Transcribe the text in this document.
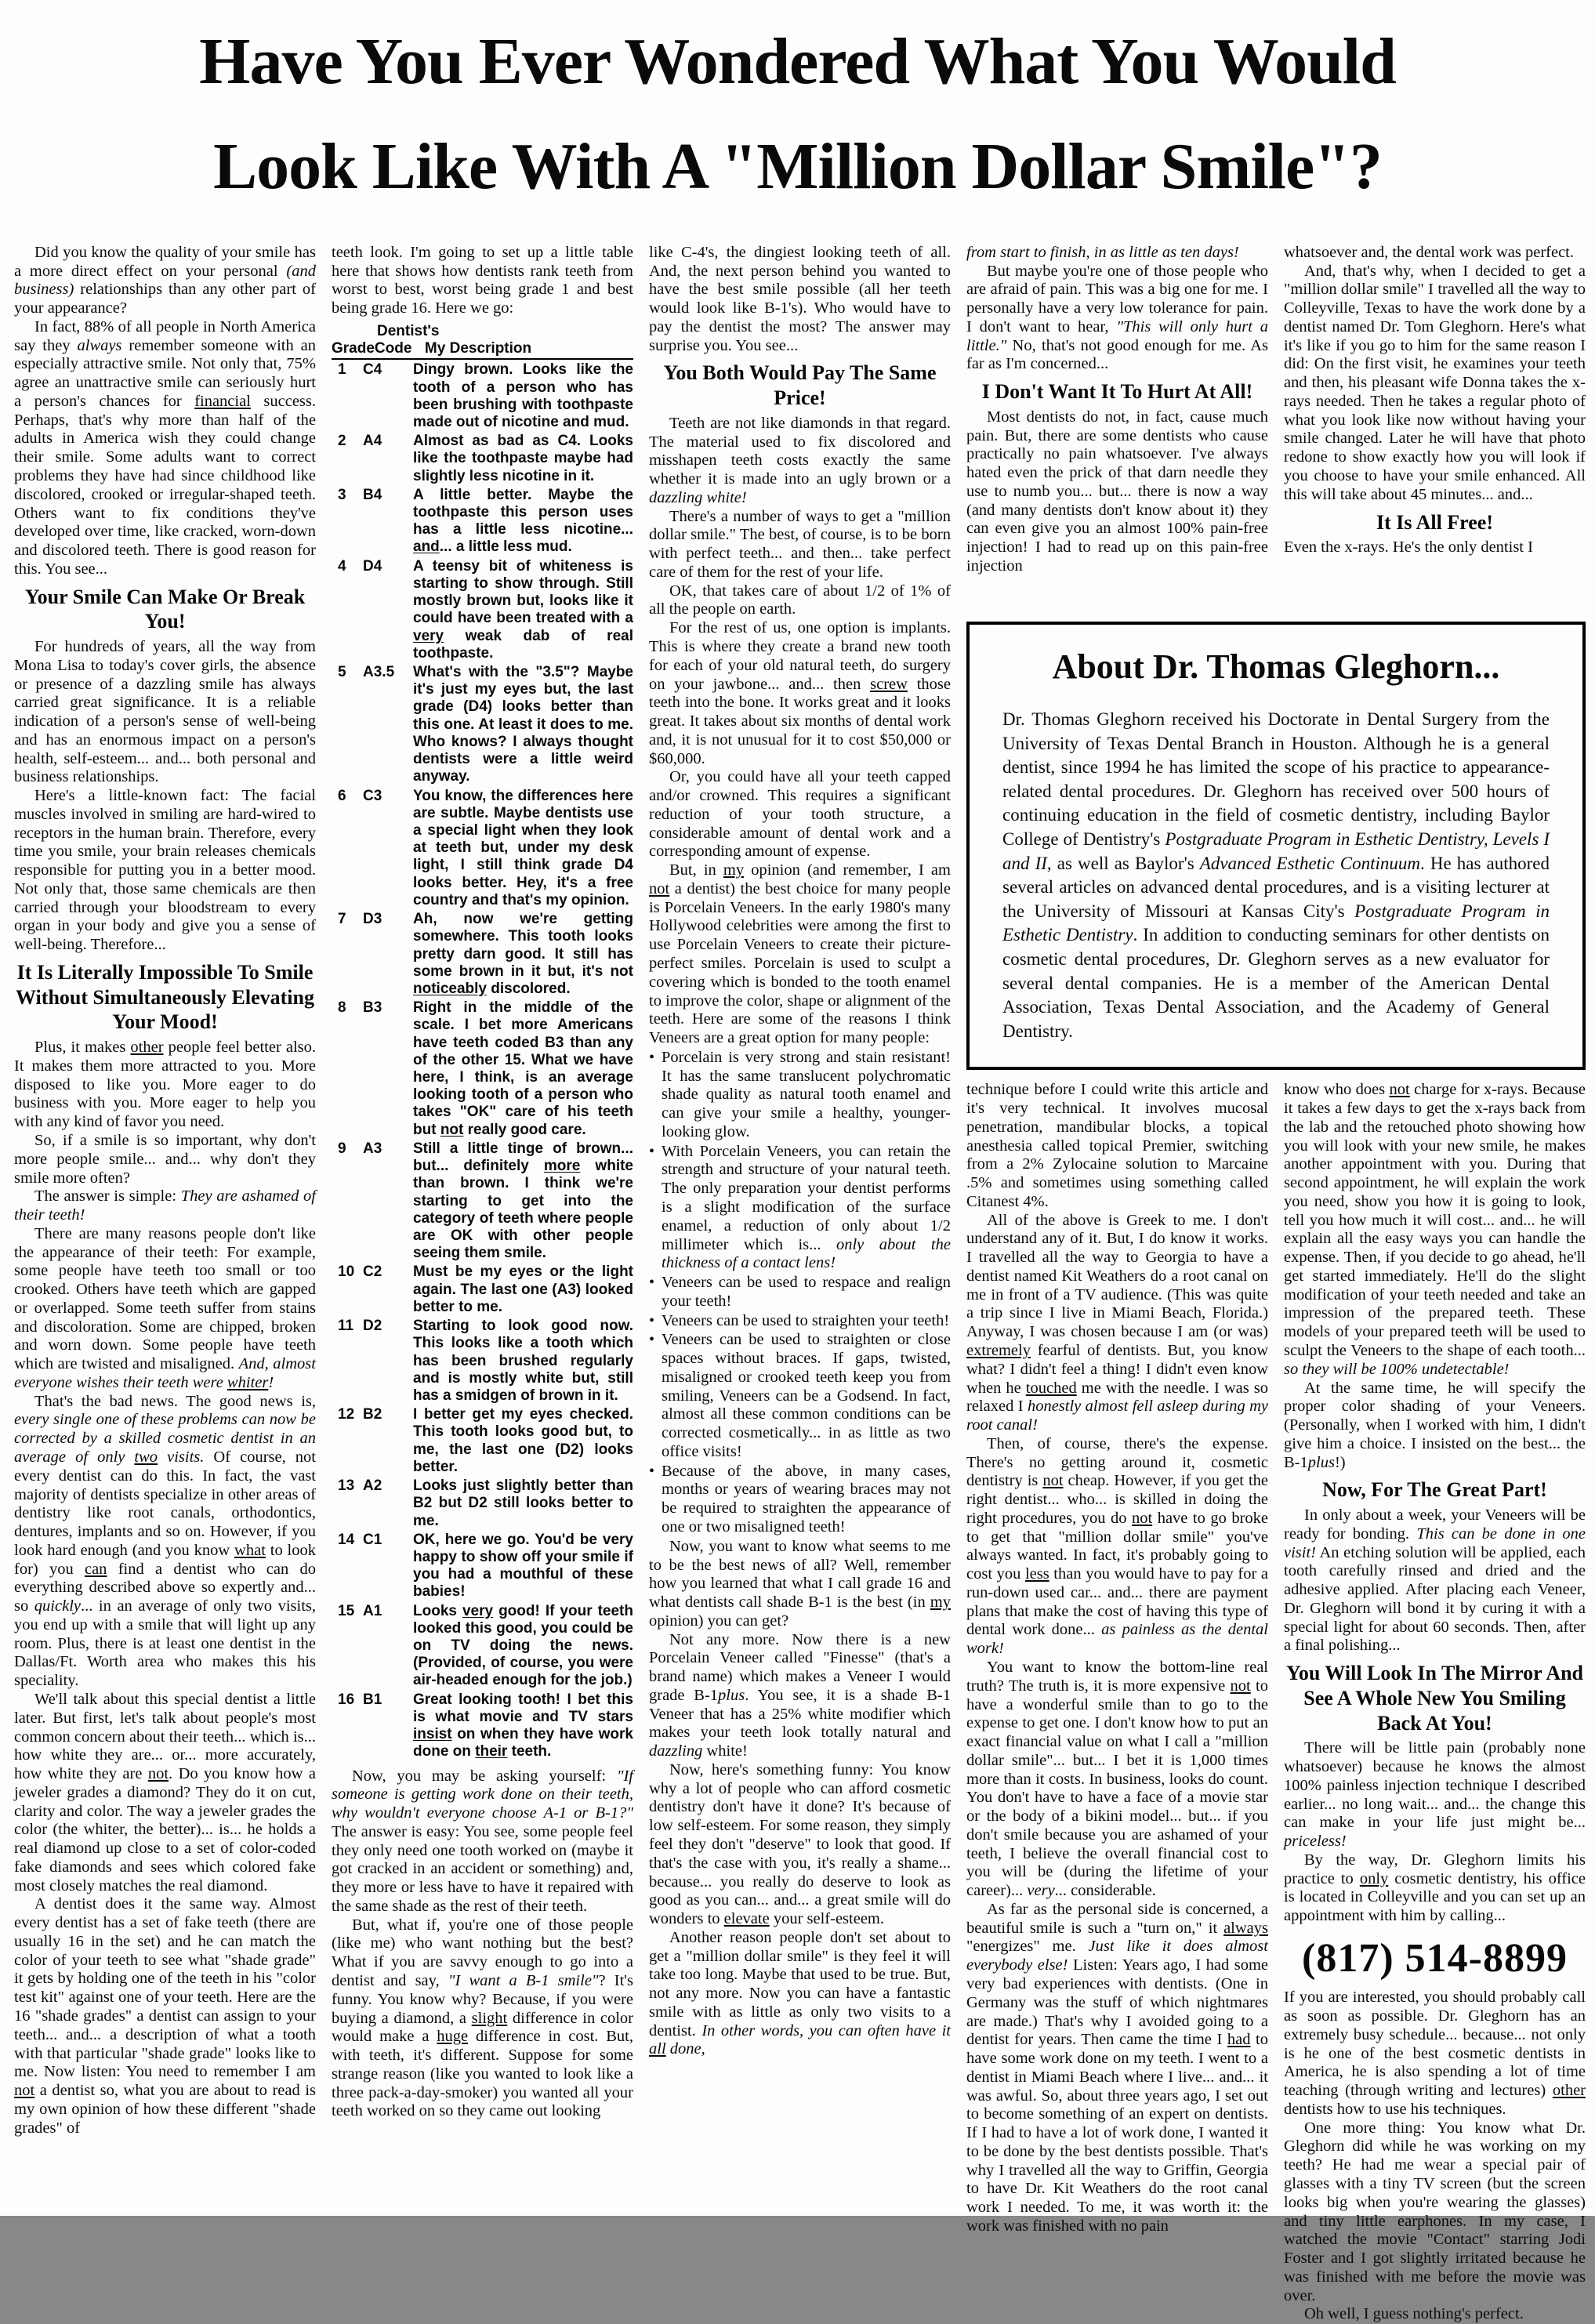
Have You Ever Wondered What You Would
Look Like With A "Million Dollar Smile"?

Did you know the quality of your smile has a more direct effect on your personal (and business) relationships than any other part of your appearance?

In fact, 88% of all people in North America say they always remember someone with an especially attractive smile. Not only that, 75% agree an unattractive smile can seriously hurt a person's chances for financial success. Perhaps, that's why more than half of the adults in America wish they could change their smile. Some adults want to correct problems they have had since childhood like discolored, crooked or irregular-shaped teeth. Others want to fix conditions they've developed over time, like cracked, worn-down and discolored teeth. There is good reason for this. You see...

Your Smile Can Make Or Break You!

For hundreds of years, all the way from Mona Lisa to today's cover girls, the absence or presence of a dazzling smile has always carried great significance. It is a reliable indication of a person's sense of well-being and has an enormous impact on a person's health, self-esteem... and... both personal and business relationships.

Here's a little-known fact: The facial muscles involved in smiling are hard-wired to receptors in the human brain. Therefore, every time you smile, your brain releases chemicals responsible for putting you in a better mood. Not only that, those same chemicals are then carried through your bloodstream to every organ in your body and give you a sense of well-being. Therefore...

It Is Literally Impossible To Smile Without Simultaneously Elevating Your Mood!

Plus, it makes other people feel better also. It makes them more attracted to you. More disposed to like you. More eager to do business with you. More eager to help you with any kind of favor you need.

So, if a smile is so important, why don't more people smile... and... why don't they smile more often?

The answer is simple: They are ashamed of their teeth!

There are many reasons people don't like the appearance of their teeth: For example, some people have teeth too small or too crooked. Others have teeth which are gapped or overlapped. Some teeth suffer from stains and discoloration. Some are chipped, broken and worn down. Some people have teeth which are twisted and misaligned. And, almost everyone wishes their teeth were whiter!

That's the bad news. The good news is, every single one of these problems can now be corrected by a skilled cosmetic dentist in an average of only two visits. Of course, not every dentist can do this. In fact, the vast majority of dentists specialize in other areas of dentistry like root canals, orthodontics, dentures, implants and so on. However, if you look hard enough (and you know what to look for) you can find a dentist who can do everything described above so expertly and... so quickly... in an average of only two visits, you end up with a smile that will light up any room. Plus, there is at least one dentist in the Dallas/Ft. Worth area who makes this his speciality.

We'll talk about this special dentist a little later. But first, let's talk about people's most common concern about their teeth... which is... how white they are... or... more accurately, how white they are not. Do you know how a jeweler grades a diamond? They do it on cut, clarity and color. The way a jeweler grades the color (the whiter, the better)... is... he holds a real diamond up close to a set of color-coded fake diamonds and sees which colored fake most closely matches the real diamond.

A dentist does it the same way. Almost every dentist has a set of fake teeth (there are usually 16 in the set) and he can match the color of your teeth to see what "shade grade" it gets by holding one of the teeth in his "color test kit" against one of your teeth. Here are the 16 "shade grades" a dentist can assign to your teeth... and... a description of what a tooth with that particular "shade grade" looks like to me. Now listen: You need to remember I am not a dentist so, what you are about to read is my own opinion of how these different "shade grades" of

teeth look. I'm going to set up a little table here that shows how dentists rank teeth from worst to best, worst being grade 1 and best being grade 16. Here we go:

Dentist's
Grade Code My Description
1	C4	Dingy brown. Looks like the tooth of a person who has been brushing with toothpaste made out of nicotine and mud.
2	A4	Almost as bad as C4. Looks like the toothpaste maybe had slightly less nicotine in it.
3	B4	A little better. Maybe the toothpaste this person uses has a little less nicotine... and... a little less mud.
4	D4	A teensy bit of whiteness is starting to show through. Still mostly brown but, looks like it could have been treated with a very weak dab of real toothpaste.
5	A3.5	What's with the "3.5"? Maybe it's just my eyes but, the last grade (D4) looks better than this one. At least it does to me. Who knows? I always thought dentists were a little weird anyway.
6	C3	You know, the differences here are subtle. Maybe dentists use a special light when they look at teeth but, under my desk light, I still think grade D4 looks better. Hey, it's a free country and that's my opinion.
7	D3	Ah, now we're getting somewhere. This tooth looks pretty darn good. It still has some brown in it but, it's not noticeably discolored.
8	B3	Right in the middle of the scale. I bet more Americans have teeth coded B3 than any of the other 15. What we have here, I think, is an average looking tooth of a person who takes "OK" care of his teeth but not really good care.
9	A3	Still a little tinge of brown... but... definitely more white than brown. I think we're starting to get into the category of teeth where people are OK with other people seeing them smile.
10 C2	Must be my eyes or the light again. The last one (A3) looked better to me.
11 D2	Starting to look good now. This looks like a tooth which has been brushed regularly and is mostly white but, still has a smidgen of brown in it.
12 B2	I better get my eyes checked. This tooth looks good but, to me, the last one (D2) looks better.
13 A2	Looks just slightly better than B2 but D2 still looks better to me.
14 C1	OK, here we go. You'd be very happy to show off your smile if you had a mouthful of these babies!
15 A1	Looks very good! If your teeth looked this good, you could be on TV doing the news. (Provided, of course, you were air-headed enough for the job.)
16 B1	Great looking tooth! I bet this is what movie and TV stars insist on when they have work done on their teeth.

Now, you may be asking yourself: "If someone is getting work done on their teeth, why wouldn't everyone choose A-1 or B-1?" The answer is easy: You see, some people feel they only need one tooth worked on (maybe it got cracked in an accident or something) and, they more or less have to have it repaired with the same shade as the rest of their teeth.

But, what if, you're one of those people (like me) who want nothing but the best? What if you are savvy enough to go into a dentist and say, "I want a B-1 smile"? It's funny. You know why? Because, if you were buying a diamond, a slight difference in color would make a huge difference in cost. But, with teeth, it's different. Suppose for some strange reason (like you wanted to look like a three pack-a-day-smoker) you wanted all your teeth worked on so they came out looking

like C-4's, the dingiest looking teeth of all. And, the next person behind you wanted to have the best smile possible (all her teeth would look like B-1's). Who would have to pay the dentist the most? The answer may surprise you. You see...

You Both Would Pay The Same Price!

Teeth are not like diamonds in that regard. The material used to fix discolored and misshapen teeth costs exactly the same whether it is made into an ugly brown or a dazzling white!

There's a number of ways to get a "million dollar smile." The best, of course, is to be born with perfect teeth... and then... take perfect care of them for the rest of your life.

OK, that takes care of about 1/2 of 1% of all the people on earth.

For the rest of us, one option is implants. This is where they create a brand new tooth for each of your old natural teeth, do surgery on your jawbone... and... then screw those teeth into the bone. It works great and it looks great. It takes about six months of dental work and, it is not unusual for it to cost $50,000 or $60,000.

Or, you could have all your teeth capped and/or crowned. This requires a significant reduction of your tooth structure, a considerable amount of dental work and a corresponding amount of expense.

But, in my opinion (and remember, I am not a dentist) the best choice for many people is Porcelain Veneers. In the early 1980's many Hollywood celebrities were among the first to use Porcelain Veneers to create their picture-perfect smiles. Porcelain is used to sculpt a covering which is bonded to the tooth enamel to improve the color, shape or alignment of the teeth. Here are some of the reasons I think Veneers are a great option for many people:

• Porcelain is very strong and stain resistant! It has the same translucent polychromatic shade quality as natural tooth enamel and can give your smile a healthy, younger-looking glow.
• With Porcelain Veneers, you can retain the strength and structure of your natural teeth. The only preparation your dentist performs is a slight modification of the surface enamel, a reduction of only about 1/2 millimeter which is... only about the thickness of a contact lens!
• Veneers can be used to respace and realign your teeth!
• Veneers can be used to straighten your teeth!
• Veneers can be used to straighten or close spaces without braces. If gaps, twisted, misaligned or crooked teeth keep you from smiling, Veneers can be a Godsend. In fact, almost all these common conditions can be corrected cosmetically... in as little as two office visits!
• Because of the above, in many cases, months or years of wearing braces may not be required to straighten the appearance of one or two misaligned teeth!

Now, you want to know what seems to me to be the best news of all? Well, remember how you learned that what I call grade 16 and what dentists call shade B-1 is the best (in my opinion) you can get?

Not any more. Now there is a new Porcelain Veneer called "Finesse" (that's a brand name) which makes a Veneer I would grade B-1plus. You see, it is a shade B-1 Veneer that has a 25% white modifier which makes your teeth look totally natural and dazzling white!

Now, here's something funny: You know why a lot of people who can afford cosmetic dentistry don't have it done? It's because of low self-esteem. For some reason, they simply feel they don't "deserve" to look that good. If that's the case with you, it's really a shame... because... you really do deserve to look as good as you can... and... a great smile will do wonders to elevate your self-esteem.

Another reason people don't set about to get a "million dollar smile" is they feel it will take too long. Maybe that used to be true. But, not any more. Now you can have a fantastic smile with as little as only two visits to a dentist. In other words, you can often have it all done,

from start to finish, in as little as ten days!

But maybe you're one of those people who are afraid of pain. This was a big one for me. I personally have a very low tolerance for pain. I don't want to hear, "This will only hurt a little." No, that's not good enough for me. As far as I'm concerned...

I Don't Want It To Hurt At All!

Most dentists do not, in fact, cause much pain. But, there are some dentists who cause practically no pain whatsoever. I've always hated even the prick of that darn needle they use to numb you... but... there is now a way (and many dentists don't know about it) they can even give you an almost 100% pain-free injection! I had to read up on this pain-free injection

whatsoever and, the dental work was perfect.

And, that's why, when I decided to get a "million dollar smile" I travelled all the way to Colleyville, Texas to have the work done by a dentist named Dr. Tom Gleghorn. Here's what it's like if you go to him for the same reason I did: On the first visit, he examines your teeth and then, his pleasant wife Donna takes the x-rays needed. Then he takes a regular photo of what you look like now without having your smile changed. Later he will have that photo redone to show exactly how you will look if you choose to have your smile enhanced. All this will take about 45 minutes... and...

It Is All Free!

Even the x-rays. He's the only dentist I

About Dr. Thomas Gleghorn...

Dr. Thomas Gleghorn received his Doctorate in Dental Surgery from the University of Texas Dental Branch in Houston. Although he is a general dentist, since 1994 he has limited the scope of his practice to appearance-related dental procedures. Dr. Gleghorn has received over 500 hours of continuing education in the field of cosmetic dentistry, including Baylor College of Dentistry's Postgraduate Program in Esthetic Dentistry, Levels I and II, as well as Baylor's Advanced Esthetic Continuum. He has authored several articles on advanced dental procedures, and is a visiting lecturer at the University of Missouri at Kansas City's Postgraduate Program in Esthetic Dentistry. In addition to conducting seminars for other dentists on cosmetic dental procedures, Dr. Gleghorn serves as a new evaluator for several dental companies. He is a member of the American Dental Association, Texas Dental Association, and the Academy of General Dentistry.

technique before I could write this article and it's very technical. It involves mucosal penetration, mandibular blocks, a topical anesthesia called topical Premier, switching from a 2% Zylocaine solution to Marcaine .5% and sometimes using something called Citanest 4%.

All of the above is Greek to me. I don't understand any of it. But, I do know it works. I travelled all the way to Georgia to have a dentist named Kit Weathers do a root canal on me in front of a TV audience. (This was quite a trip since I live in Miami Beach, Florida.) Anyway, I was chosen because I am (or was) extremely fearful of dentists. But, you know what? I didn't feel a thing! I didn't even know when he touched me with the needle. I was so relaxed I honestly almost fell asleep during my root canal!

Then, of course, there's the expense. There's no getting around it, cosmetic dentistry is not cheap. However, if you get the right dentist... who... is skilled in doing the right procedures, you do not have to go broke to get that "million dollar smile" you've always wanted. In fact, it's probably going to cost you less than you would have to pay for a run-down used car... and... there are payment plans that make the cost of having this type of dental work done... as painless as the dental work!

You want to know the bottom-line real truth? The truth is, it is more expensive not to have a wonderful smile than to go to the expense to get one. I don't know how to put an exact financial value on what I call a "million dollar smile"... but... I bet it is 1,000 times more than it costs. In business, looks do count. You don't have to have a face of a movie star or the body of a bikini model... but... if you don't smile because you are ashamed of your teeth, I believe the overall financial cost to you will be (during the lifetime of your career)... very... considerable.

As far as the personal side is concerned, a beautiful smile is such a "turn on," it always "energizes" me. Just like it does almost everybody else! Listen: Years ago, I had some very bad experiences with dentists. (One in Germany was the stuff of which nightmares are made.) That's why I avoided going to a dentist for years. Then came the time I had to have some work done on my teeth. I went to a dentist in Miami Beach where I live... and... it was awful. So, about three years ago, I set out to become something of an expert on dentists. If I had to have a lot of work done, I wanted it to be done by the best dentists possible. That's why I travelled all the way to Griffin, Georgia to have Dr. Kit Weathers do the root canal work I needed. To me, it was worth it: the work was finished with no pain

know who does not charge for x-rays. Because it takes a few days to get the x-rays back from the lab and the retouched photo showing how you will look with your new smile, he makes another appointment with you. During that second appointment, he will explain the work you need, show you how it is going to look, tell you how much it will cost... and... he will explain all the easy ways you can handle the expense. Then, if you decide to go ahead, he'll get started immediately. He'll do the slight modification of your teeth needed and take an impression of the prepared teeth. These models of your prepared teeth will be used to sculpt the Veneers to the shape of each tooth... so they will be 100% undetectable!

At the same time, he will specify the proper color shading of your Veneers. (Personally, when I worked with him, I didn't give him a choice. I insisted on the best... the B-1plus!)

Now, For The Great Part!

In only about a week, your Veneers will be ready for bonding. This can be done in one visit! An etching solution will be applied, each tooth carefully rinsed and dried and the adhesive applied. After placing each Veneer, Dr. Gleghorn will bond it by curing it with a special light for about 60 seconds. Then, after a final polishing...

You Will Look In The Mirror And See A Whole New You Smiling Back At You!

There will be little pain (probably none whatsoever) because he knows the almost 100% painless injection technique I described earlier... no long wait... and... the change this can make in your life just might be... priceless!

By the way, Dr. Gleghorn limits his practice to only cosmetic dentistry, his office is located in Colleyville and you can set up an appointment with him by calling...

(817) 514-8899

If you are interested, you should probably call as soon as possible. Dr. Gleghorn has an extremely busy schedule... because... not only is he one of the best cosmetic dentists in America, he is also spending a lot of time teaching (through writing and lectures) other dentists how to use his techniques.

One more thing: You know what Dr. Gleghorn did while he was working on my teeth? He had me wear a special pair of glasses with a tiny TV screen (but the screen looks big when you're wearing the glasses) and tiny little earphones. In my case, I watched the movie "Contact" starring Jodi Foster and I got slightly irritated because he was finished with me before the movie was over.

Oh well, I guess nothing's perfect.
